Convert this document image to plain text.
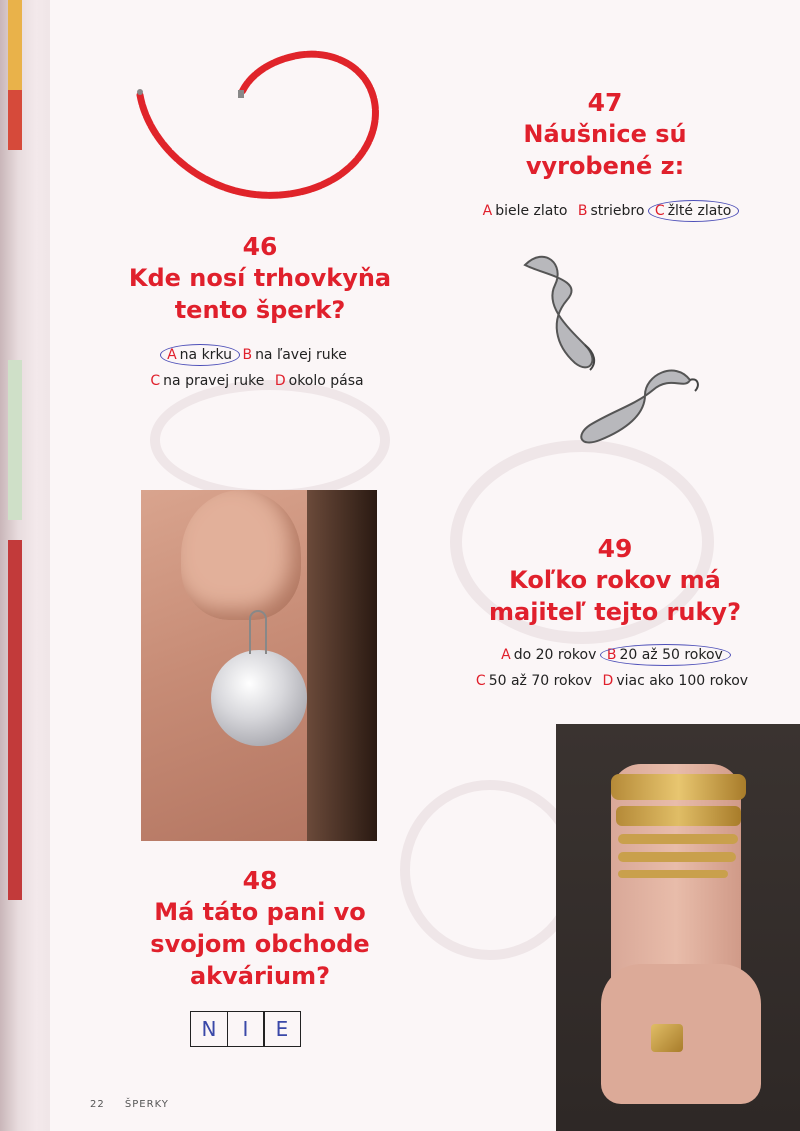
46
Kde nosí trhovkyňa
tento šperk?
A na krku B na ľavej ruke
C na pravej ruke D okolo pása
47
Náušnice sú
vyrobené z:
A biele zlato B striebro C žlté zlato
49
Koľko rokov má
majiteľ tejto ruky?
A do 20 rokov B 20 až 50 rokov
C 50 až 70 rokov D viac ako 100 rokov
48
Má táto pani vo
svojom obchode
akvárium?
N	I	E
22 ŠPERKY
